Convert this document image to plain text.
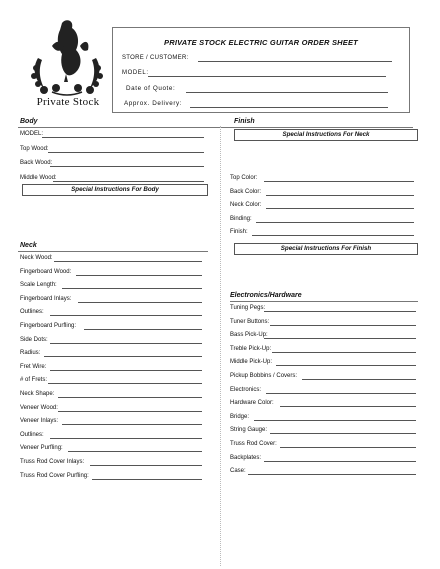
Private Stock
PRIVATE STOCK ELECTRIC GUITAR ORDER SHEET
STORE / CUSTOMER:
MODEL:
Date of Quote:
Approx. Delivery:
Body
MODEL:
Top Wood:
Back Wood:
Middle Wood:
Special Instructions For Body
Finish
Special Instructions For Neck
Top Color:
Back Color:
Neck Color:
Binding:
Finish:
Special Instructions For Finish
Neck
Neck Wood:
Fingerboard Wood:
Scale Length:
Fingerboard Inlays:
Outlines:
Fingerboard Purfling:
Side Dots:
Radius:
Fret Wire:
# of Frets:
Neck Shape:
Veneer Wood:
Veneer Inlays:
Outlines:
Veneer Purfling:
Truss Rod Cover Inlays:
Truss Rod Cover Purfling:
Electronics/Hardware
Tuning Pegs:
Tuner Buttons:
Bass Pick-Up:
Treble Pick-Up:
Middle Pick-Up:
Pickup Bobbins / Covers:
Electronics:
Hardware Color:
Bridge:
String Gauge:
Truss Rod Cover:
Backplates:
Case:
